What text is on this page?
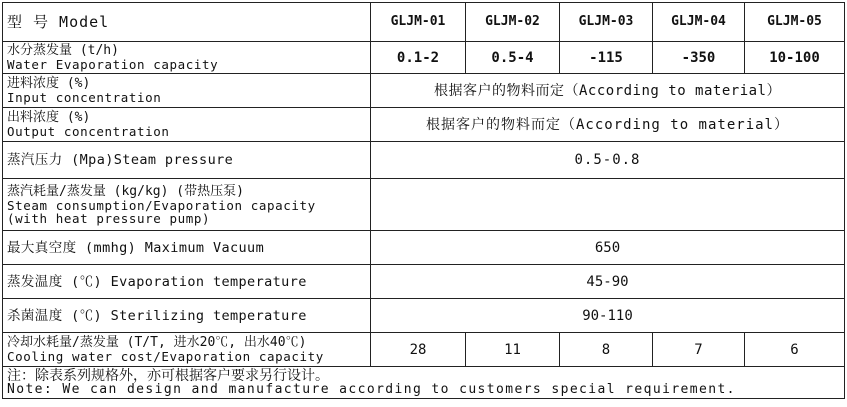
型 号 Model	GLJM-01	GLJM-02	GLJM-03	GLJM-04	GLJM-05

水分蒸发量 (t/h)
Water Evaporation capacity	0.1-2	0.5-4	-115	-350	10-100

进料浓度 (%)
Input concentration	根据客户的物料而定（According to material）				

出料浓度 (%)
Output concentration	根据客户的物料而定（According to material）				
蒸汽压力 (Mpa)Steam pressure	0.5-0.8				

蒸汽耗量/蒸发量 (kg/kg) (带热压泵)
Steam consumption/Evaporation capacity
(with heat pressure pump)					

最大真空度 (mmhg) Maximum Vacuum	650				
蒸发温度 (℃) Evaporation temperature	45-90				
杀菌温度 (℃) Sterilizing temperature	90-110				

冷却水耗量/蒸发量 (T/T, 进水20℃, 出水40℃)
Cooling water cost/Evaporation capacity	28	11	8	7	6

注：除表系列规格外，亦可根据客户要求另行设计。
Note: We can design and manufacture according to customers special requirement.					
